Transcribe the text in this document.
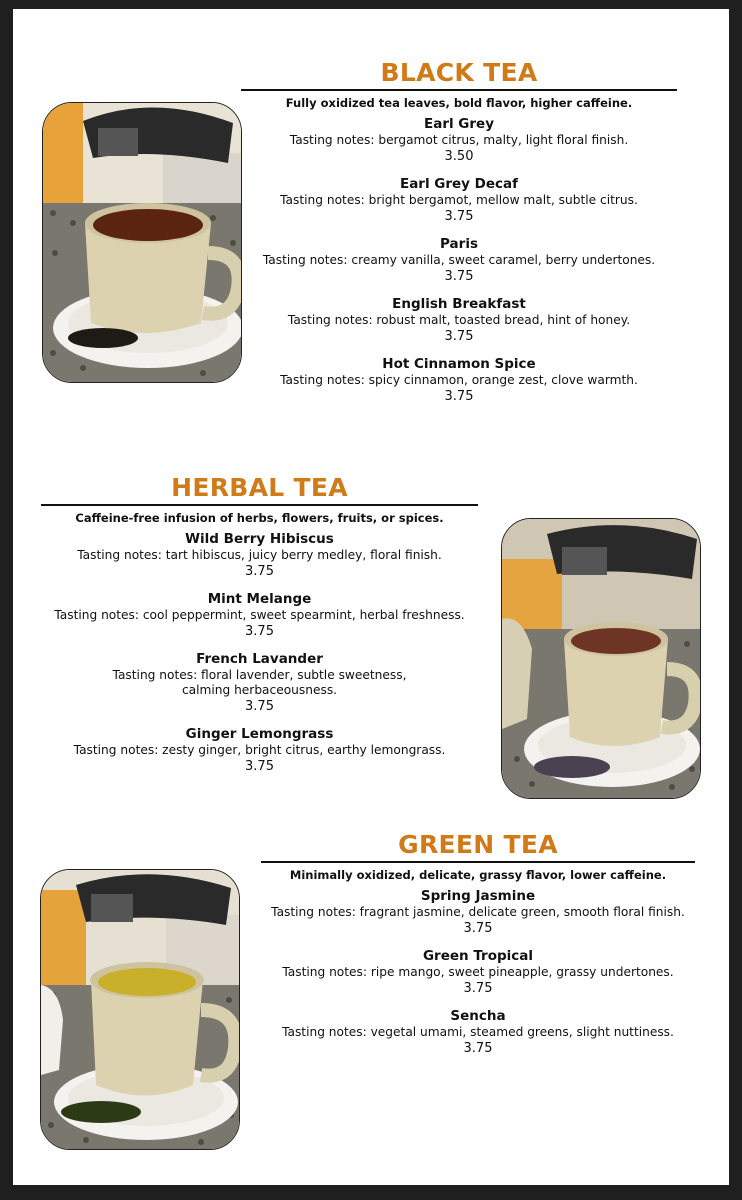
BLACK TEA
Fully oxidized tea leaves, bold flavor, higher caffeine.
Earl Grey
Tasting notes: bergamot citrus, malty, light floral finish.
3.50
Earl Grey Decaf
Tasting notes: bright bergamot, mellow malt, subtle citrus.
3.75
Paris
Tasting notes: creamy vanilla, sweet caramel, berry undertones.
3.75
English Breakfast
Tasting notes: robust malt, toasted bread, hint of honey.
3.75
Hot Cinnamon Spice
Tasting notes: spicy cinnamon, orange zest, clove warmth.
3.75
HERBAL TEA
Caffeine-free infusion of herbs, flowers, fruits, or spices.
Wild Berry Hibiscus
Tasting notes: tart hibiscus, juicy berry medley, floral finish.
3.75
Mint Melange
Tasting notes: cool peppermint, sweet spearmint, herbal freshness.
3.75
French Lavander
Tasting notes: floral lavender, subtle sweetness, calming herbaceousness.
3.75
Ginger Lemongrass
Tasting notes: zesty ginger, bright citrus, earthy lemongrass.
3.75
GREEN TEA
Minimally oxidized, delicate, grassy flavor, lower caffeine.
Spring Jasmine
Tasting notes: fragrant jasmine, delicate green, smooth floral finish.
3.75
Green Tropical
Tasting notes: ripe mango, sweet pineapple, grassy undertones.
3.75
Sencha
Tasting notes: vegetal umami, steamed greens, slight nuttiness.
3.75
